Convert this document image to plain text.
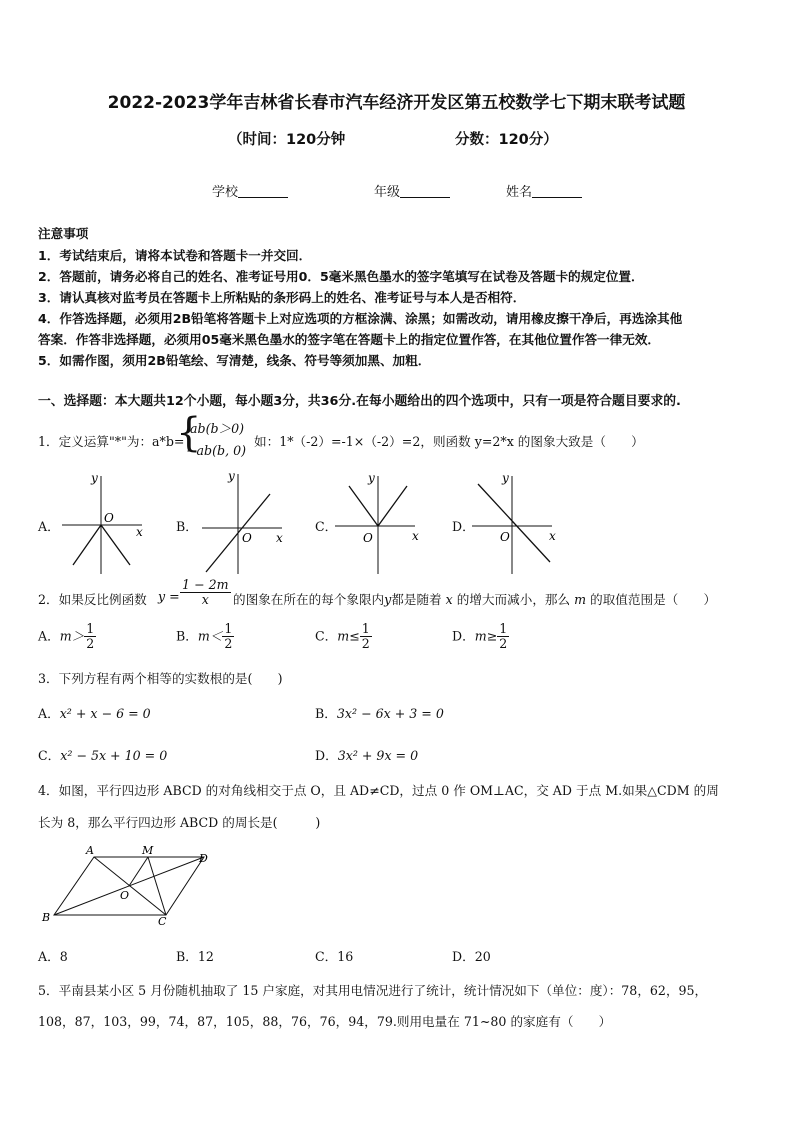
2022-2023学年吉林省长春市汽车经济开发区第五校数学七下期末联考试题
（时间：120分钟	分数：120分）
学校	年级	姓名
注意事项
1．考试结束后，请将本试卷和答题卡一并交回．
2．答题前，请务必将自己的姓名、准考证号用0．5毫米黑色墨水的签字笔填写在试卷及答题卡的规定位置．
3．请认真核对监考员在答题卡上所粘贴的条形码上的姓名、准考证号与本人是否相符．
4．作答选择题，必须用2B铅笔将答题卡上对应选项的方框涂满、涂黑；如需改动，请用橡皮擦干净后，再选涂其他
答案．作答非选择题，必须用05毫米黑色墨水的签字笔在答题卡上的指定位置作答，在其他位置作答一律无效．
5．如需作图，须用2B铅笔绘、写清楚，线条、符号等须加黑、加粗．
一、选择题：本大题共12个小题，每小题3分，共36分.在每小题给出的四个选项中，只有一项是符合题目要求的.
1．定义运算"*"为：a*b=
{
ab(b＞0)
−ab(b, 0)
如：1*（-2）=-1×（-2）=2，则函数 y=2*x 的图象大致是（　　）
A．	B．	C．	D．
y
O
x
y
O x
y
O	x
y
O	x
2．如果反比例函数 $y = \frac{1 - 2m}{x}$ 的图象在所在的每个象限内y都是随着 x 的增大而减小，那么 m 的取值范围是（　　）
A．$m> \frac{1}{2}$	B．$m< \frac{1}{2}$	C．$m\le \frac{1}{2}$	D．$m\ge \frac{1}{2}$
3．下列方程有两个相等的实数根的是(　　)
A．x² + x − 6 = 0	B．3x² − 6x + 3 = 0
C．x² − 5x + 10 = 0	D．3x² + 9x = 0
4．如图，平行四边形 ABCD 的对角线相交于点 O，且 AD≠CD，过点 0 作 OM⊥AC，交 AD 于点 M.如果△CDM 的周
长为 8，那么平行四边形 ABCD 的周长是(　　　)
A	M
D
O
B	C
A．8	B．12	C．16	D．20
5．平南县某小区 5 月份随机抽取了 15 户家庭，对其用电情况进行了统计，统计情况如下（单位：度）：78，62，95，
108，87，103，99，74，87，105，88，76，76，94，79.则用电量在 71~80 的家庭有（　　）
